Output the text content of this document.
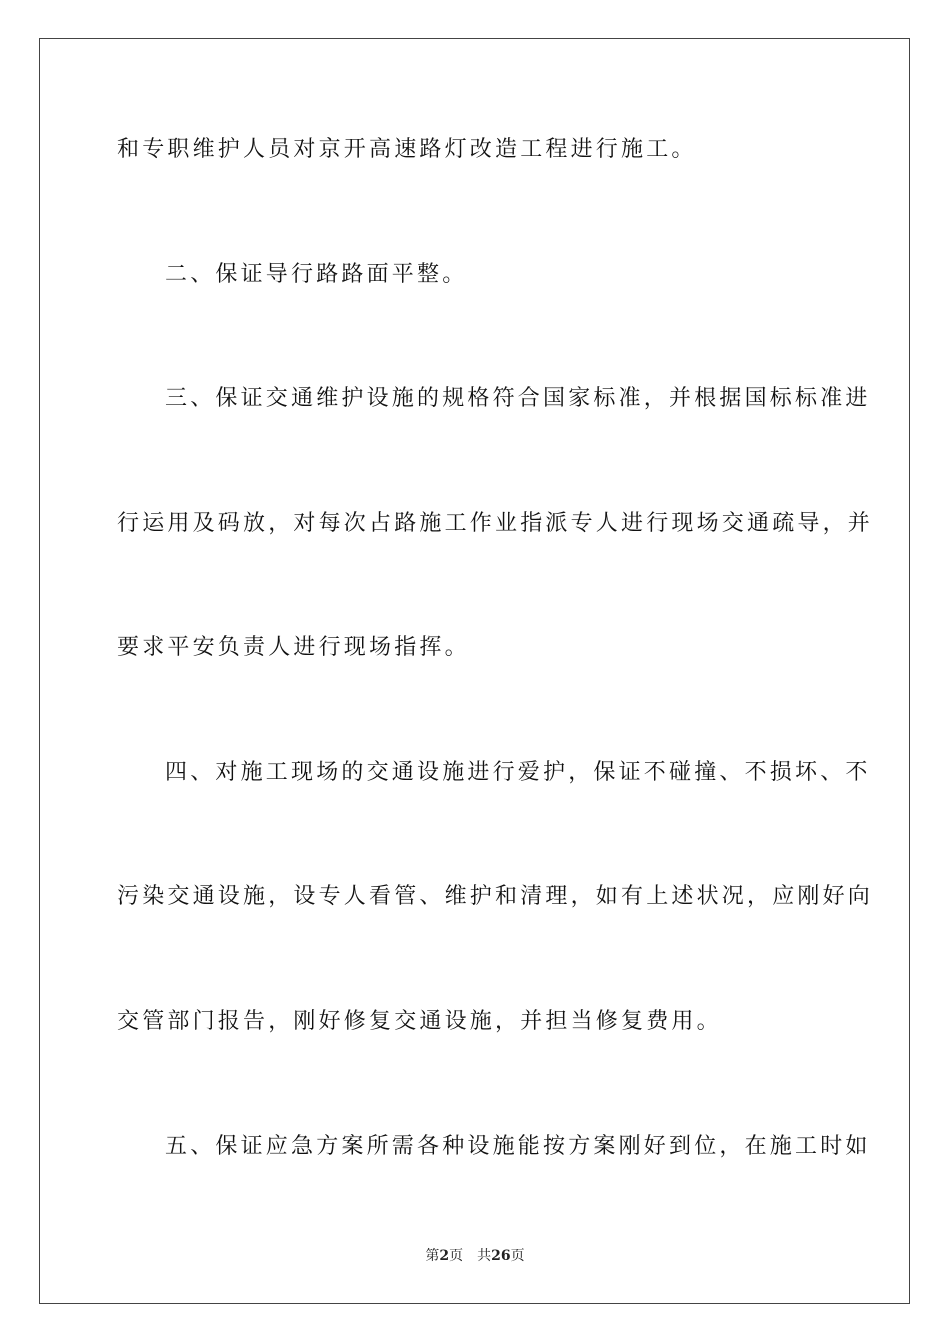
和专职维护人员对京开高速路灯改造工程进行施工。
二、保证导行路路面平整。
三、保证交通维护设施的规格符合国家标准，并根据国标标准进
行运用及码放，对每次占路施工作业指派专人进行现场交通疏导，并
要求平安负责人进行现场指挥。
四、对施工现场的交通设施进行爱护，保证不碰撞、不损坏、不
污染交通设施，设专人看管、维护和清理，如有上述状况，应刚好向
交管部门报告，刚好修复交通设施，并担当修复费用。
五、保证应急方案所需各种设施能按方案刚好到位，在施工时如
第2页 共26页
